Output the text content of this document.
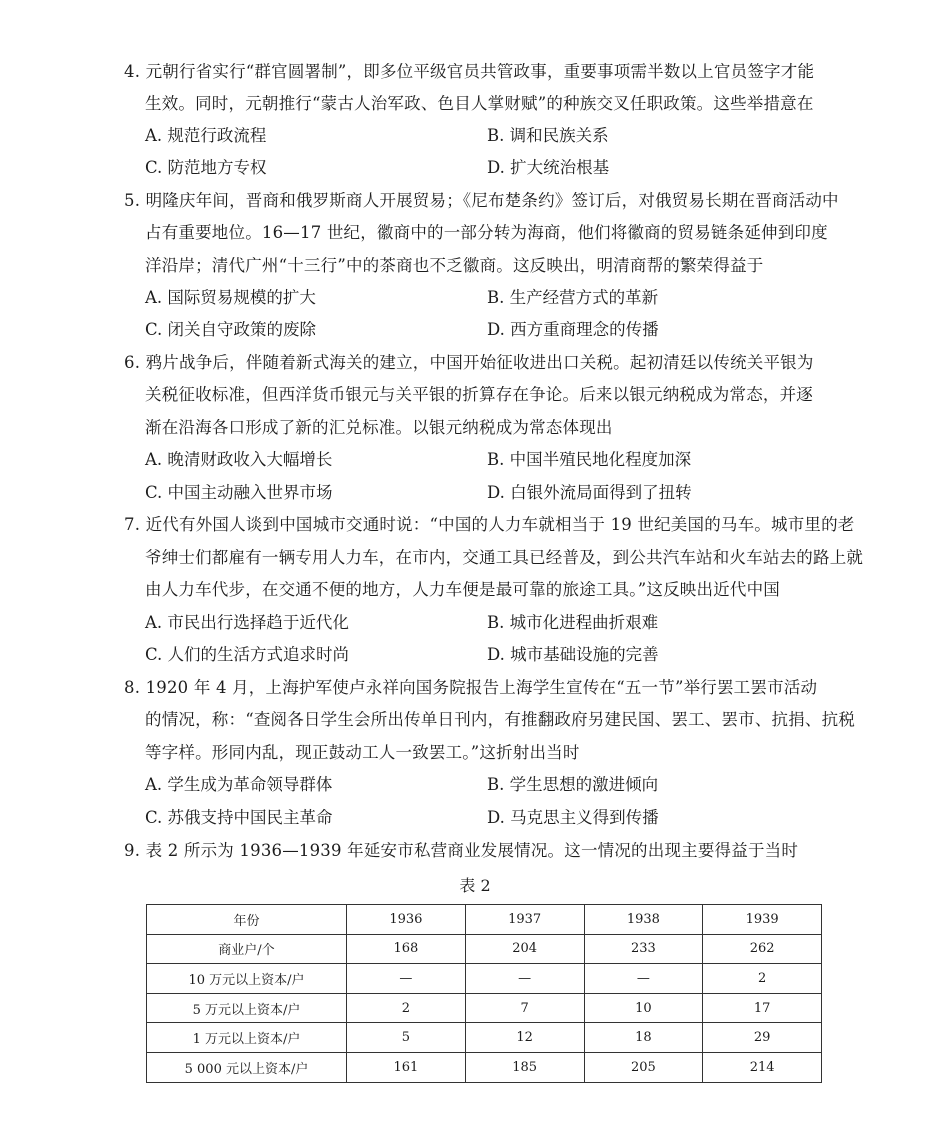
4. 元朝行省实行“群官圆署制”，即多位平级官员共管政事，重要事项需半数以上官员签字才能
生效。同时，元朝推行“蒙古人治军政、色目人掌财赋”的种族交叉任职政策。这些举措意在
A. 规范行政流程	B. 调和民族关系
C. 防范地方专权	D. 扩大统治根基
5. 明隆庆年间，晋商和俄罗斯商人开展贸易；《尼布楚条约》签订后，对俄贸易长期在晋商活动中
占有重要地位。16—17 世纪，徽商中的一部分转为海商，他们将徽商的贸易链条延伸到印度
洋沿岸；清代广州“十三行”中的茶商也不乏徽商。这反映出，明清商帮的繁荣得益于
A. 国际贸易规模的扩大	B. 生产经营方式的革新
C. 闭关自守政策的废除	D. 西方重商理念的传播
6. 鸦片战争后，伴随着新式海关的建立，中国开始征收进出口关税。起初清廷以传统关平银为
关税征收标准，但西洋货币银元与关平银的折算存在争论。后来以银元纳税成为常态，并逐
渐在沿海各口形成了新的汇兑标准。以银元纳税成为常态体现出
A. 晚清财政收入大幅增长	B. 中国半殖民地化程度加深
C. 中国主动融入世界市场	D. 白银外流局面得到了扭转
7. 近代有外国人谈到中国城市交通时说：“中国的人力车就相当于 19 世纪美国的马车。城市里的老
爷绅士们都雇有一辆专用人力车，在市内，交通工具已经普及，到公共汽车站和火车站去的路上就
由人力车代步，在交通不便的地方，人力车便是最可靠的旅途工具。”这反映出近代中国
A. 市民出行选择趋于近代化	B. 城市化进程曲折艰难
C. 人们的生活方式追求时尚	D. 城市基础设施的完善
8. 1920 年 4 月，上海护军使卢永祥向国务院报告上海学生宣传在“五一节”举行罢工罢市活动
的情况，称：“查阅各日学生会所出传单日刊内，有推翻政府另建民国、罢工、罢市、抗捐、抗税
等字样。形同内乱，现正鼓动工人一致罢工。”这折射出当时
A. 学生成为革命领导群体	B. 学生思想的激进倾向
C. 苏俄支持中国民主革命	D. 马克思主义得到传播
9. 表 2 所示为 1936—1939 年延安市私营商业发展情况。这一情况的出现主要得益于当时
表 2
年份	1936	1937	1938	1939
商业户/个	168	204	233	262
10 万元以上资本/户	—	—	—	2
5 万元以上资本/户	2	7	10	17
1 万元以上资本/户	5	12	18	29
5 000 元以上资本/户	161	185	205	214
